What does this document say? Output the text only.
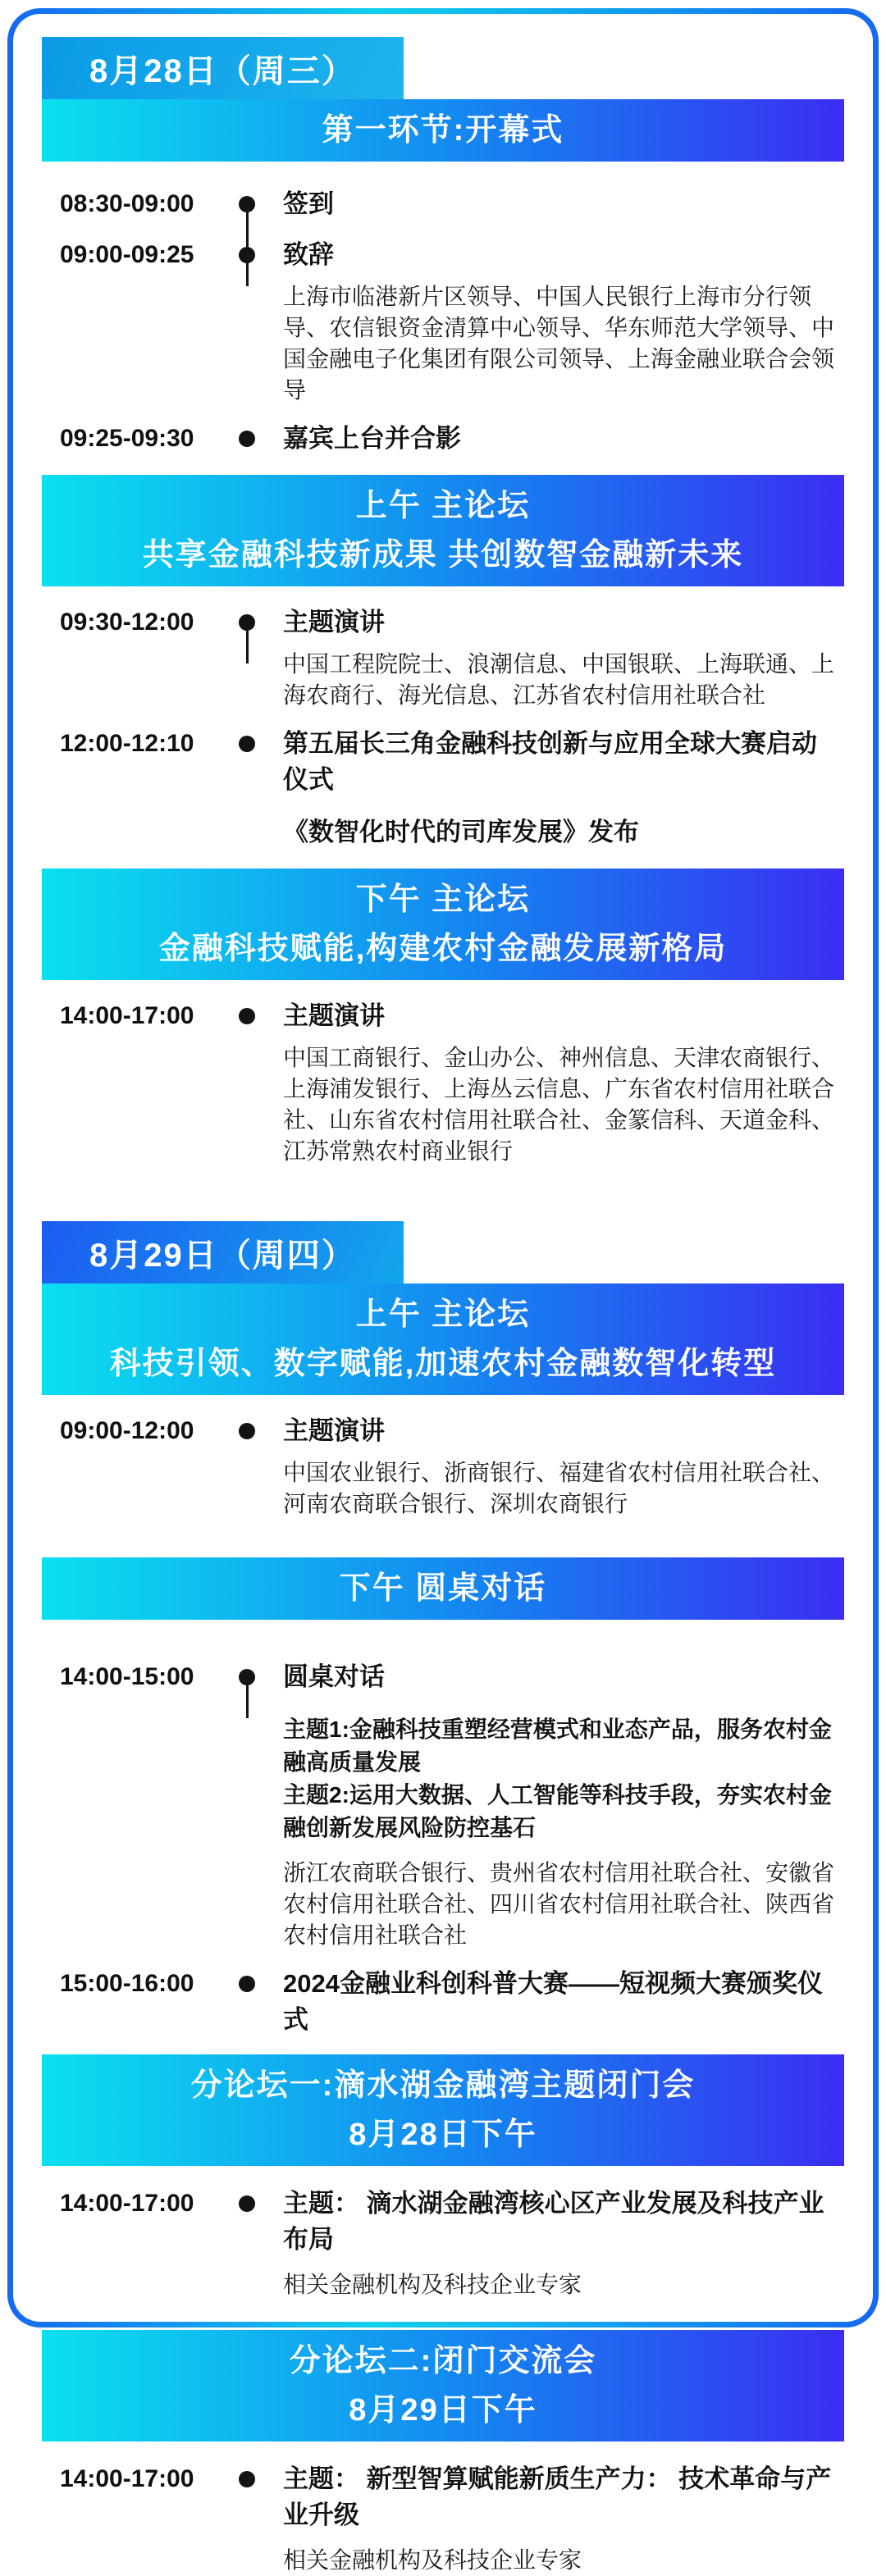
8月28日（周三）
第一环节:开幕式
08:30-09:00	签到
09:00-09:25	致辞
上海市临港新片区领导、中国人民银行上海市分行领导、农信银资金清算中心领导、华东师范大学领导、中国金融电子化集团有限公司领导、上海金融业联合会领导
09:25-09:30	嘉宾上台并合影
上午 主论坛
共享金融科技新成果 共创数智金融新未来
09:30-12:00	主题演讲
中国工程院院士、浪潮信息、中国银联、上海联通、上海农商行、海光信息、江苏省农村信用社联合社
12:00-12:10	第五届长三角金融科技创新与应用全球大赛启动仪式
《数智化时代的司库发展》发布
下午 主论坛
金融科技赋能,构建农村金融发展新格局
14:00-17:00	主题演讲
中国工商银行、金山办公、神州信息、天津农商银行、上海浦发银行、上海丛云信息、广东省农村信用社联合社、山东省农村信用社联合社、金篆信科、天道金科、江苏常熟农村商业银行
8月29日（周四）
上午 主论坛
科技引领、数字赋能,加速农村金融数智化转型
09:00-12:00	主题演讲
中国农业银行、浙商银行、福建省农村信用社联合社、河南农商联合银行、深圳农商银行
下午 圆桌对话
14:00-15:00	圆桌对话

主题1:金融科技重塑经营模式和业态产品，服务农村金融高质量发展

主题2:运用大数据、人工智能等科技手段，夯实农村金融创新发展风险防控基石

浙江农商联合银行、贵州省农村信用社联合社、安徽省农村信用社联合社、四川省农村信用社联合社、陕西省农村信用社联合社
15:00-16:00	2024金融业科创科普大赛——短视频大赛颁奖仪式
分论坛一:滴水湖金融湾主题闭门会
8月28日下午
14:00-17:00	主题： 滴水湖金融湾核心区产业发展及科技产业布局
相关金融机构及科技企业专家
分论坛二:闭门交流会
8月29日下午
14:00-17:00	主题： 新型智算赋能新质生产力： 技术革命与产业升级
相关金融机构及科技企业专家
